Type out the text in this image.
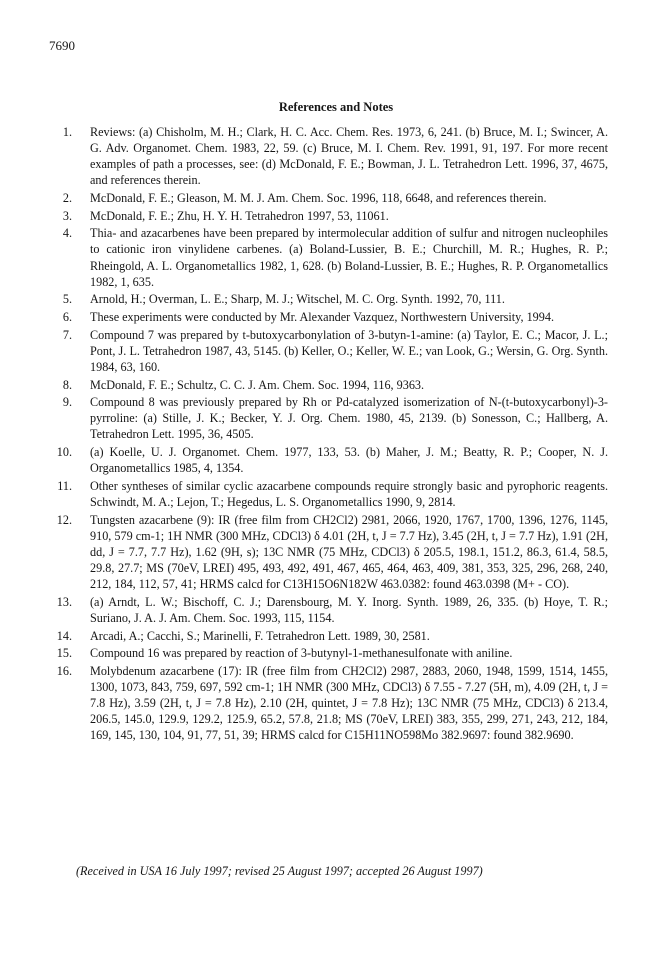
7690
References and Notes
1 . Reviews: (a) Chisholm, M. H.; Clark, H. C. Acc. Chem. Res. 1973, 6, 241. (b) Bruce, M. I.; Swincer, A. G. Adv. Organomet. Chem. 1983, 22, 59. (c) Bruce, M. I. Chem. Rev. 1991, 91, 197. For more recent examples of path a processes, see: (d) McDonald, F. E.; Bowman, J. L. Tetrahedron Lett. 1996, 37, 4675, and references therein.
2 . McDonald, F. E.; Gleason, M. M. J. Am. Chem. Soc. 1996, 118, 6648, and references therein.
3 . McDonald, F. E.; Zhu, H. Y. H. Tetrahedron 1997, 53, 11061.
4 . Thia- and azacarbenes have been prepared by intermolecular addition of sulfur and nitrogen nucleophiles to cationic iron vinylidene carbenes. (a) Boland-Lussier, B. E.; Churchill, M. R.; Hughes, R. P.; Rheingold, A. L. Organometallics 1982, 1, 628. (b) Boland-Lussier, B. E.; Hughes, R. P. Organometallics 1982, 1, 635.
5 . Arnold, H.; Overman, L. E.; Sharp, M. J.; Witschel, M. C. Org. Synth. 1992, 70, 111.
6 . These experiments were conducted by Mr. Alexander Vazquez, Northwestern University, 1994.
7 . Compound 7 was prepared by t-butoxycarbonylation of 3-butyn-1-amine: (a) Taylor, E. C.; Macor, J. L.; Pont, J. L. Tetrahedron 1987, 43, 5145. (b) Keller, O.; Keller, W. E.; van Look, G.; Wersin, G. Org. Synth. 1984, 63, 160.
8 . McDonald, F. E.; Schultz, C. C. J. Am. Chem. Soc. 1994, 116, 9363.
9 . Compound 8 was previously prepared by Rh or Pd-catalyzed isomerization of N-(t-butoxycarbonyl)-3-pyrroline: (a) Stille, J. K.; Becker, Y. J. Org. Chem. 1980, 45, 2139. (b) Sonesson, C.; Hallberg, A. Tetrahedron Lett. 1995, 36, 4505.
10 . (a) Koelle, U. J. Organomet. Chem. 1977, 133, 53. (b) Maher, J. M.; Beatty, R. P.; Cooper, N. J. Organometallics 1985, 4, 1354.
11 . Other syntheses of similar cyclic azacarbene compounds require strongly basic and pyrophoric reagents. Schwindt, M. A.; Lejon, T.; Hegedus, L. S. Organometallics 1990, 9, 2814.
12 . Tungsten azacarbene (9): IR (free film from CH2Cl2) 2981, 2066, 1920, 1767, 1700, 1396, 1276, 1145, 910, 579 cm-1; 1H NMR (300 MHz, CDCl3) δ 4.01 (2H, t, J = 7.7 Hz), 3.45 (2H, t, J = 7.7 Hz), 1.91 (2H, dd, J = 7.7, 7.7 Hz), 1.62 (9H, s); 13C NMR (75 MHz, CDCl3) δ 205.5, 198.1, 151.2, 86.3, 61.4, 58.5, 29.8, 27.7; MS (70eV, LREI) 495, 493, 492, 491, 467, 465, 464, 463, 409, 381, 353, 325, 296, 268, 240, 212, 184, 112, 57, 41; HRMS calcd for C13H15O6N182W 463.0382: found 463.0398 (M+ - CO).
13 . (a) Arndt, L. W.; Bischoff, C. J.; Darensbourg, M. Y. Inorg. Synth. 1989, 26, 335. (b) Hoye, T. R.; Suriano, J. A. J. Am. Chem. Soc. 1993, 115, 1154.
14 . Arcadi, A.; Cacchi, S.; Marinelli, F. Tetrahedron Lett. 1989, 30, 2581.
15 . Compound 16 was prepared by reaction of 3-butynyl-1-methanesulfonate with aniline.
16 . Molybdenum azacarbene (17): IR (free film from CH2Cl2) 2987, 2883, 2060, 1948, 1599, 1514, 1455, 1300, 1073, 843, 759, 697, 592 cm-1; 1H NMR (300 MHz, CDCl3) δ 7.55 - 7.27 (5H, m), 4.09 (2H, t, J = 7.8 Hz), 3.59 (2H, t, J = 7.8 Hz), 2.10 (2H, quintet, J = 7.8 Hz); 13C NMR (75 MHz, CDCl3) δ 213.4, 206.5, 145.0, 129.9, 129.2, 125.9, 65.2, 57.8, 21.8; MS (70eV, LREI) 383, 355, 299, 271, 243, 212, 184, 169, 145, 130, 104, 91, 77, 51, 39; HRMS calcd for C15H11NO598Mo 382.9697: found 382.9690.
(Received in USA 16 July 1997; revised 25 August 1997; accepted 26 August 1997)
